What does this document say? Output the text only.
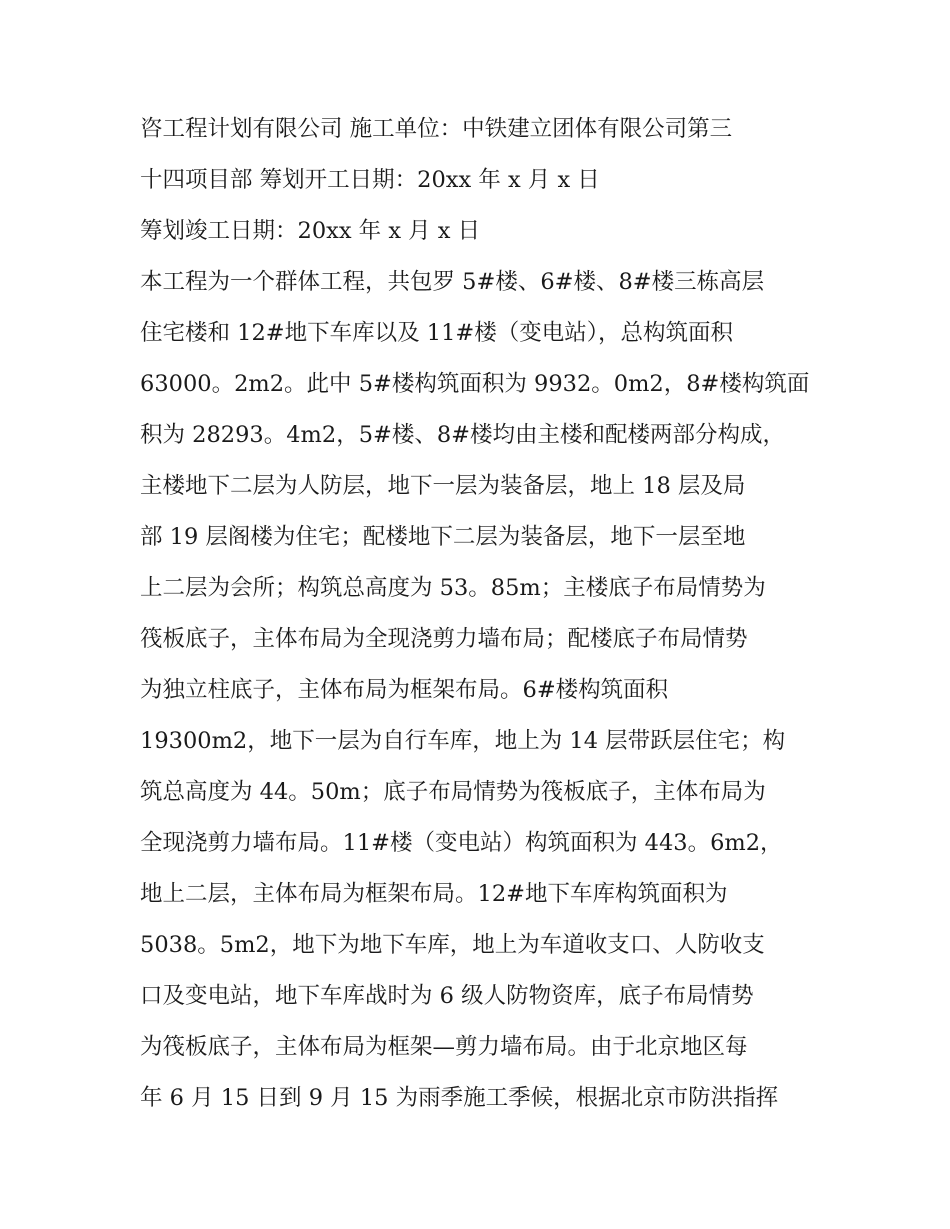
咨工程计划有限公司 施工单位：中铁建立团体有限公司第三
十四项目部 筹划开工日期：20xx 年 x 月 x 日
筹划竣工日期：20xx 年 x 月 x 日
本工程为一个群体工程，共包罗 5#楼、6#楼、8#楼三栋高层
住宅楼和 12#地下车库以及 11#楼（变电站），总构筑面积
63000。2m2。此中 5#楼构筑面积为 9932。0m2，8#楼构筑面
积为 28293。4m2，5#楼、8#楼均由主楼和配楼两部分构成，
主楼地下二层为人防层，地下一层为装备层，地上 18 层及局
部 19 层阁楼为住宅；配楼地下二层为装备层，地下一层至地
上二层为会所；构筑总高度为 53。85m；主楼底子布局情势为
筏板底子，主体布局为全现浇剪力墙布局；配楼底子布局情势
为独立柱底子，主体布局为框架布局。6#楼构筑面积
19300m2，地下一层为自行车库，地上为 14 层带跃层住宅；构
筑总高度为 44。50m；底子布局情势为筏板底子，主体布局为
全现浇剪力墙布局。11#楼（变电站）构筑面积为 443。6m2，
地上二层，主体布局为框架布局。12#地下车库构筑面积为
5038。5m2，地下为地下车库，地上为车道收支口、人防收支
口及变电站，地下车库战时为 6 级人防物资库，底子布局情势
为筏板底子，主体布局为框架—剪力墙布局。由于北京地区每
年 6 月 15 日到 9 月 15 为雨季施工季候，根据北京市防洪指挥
